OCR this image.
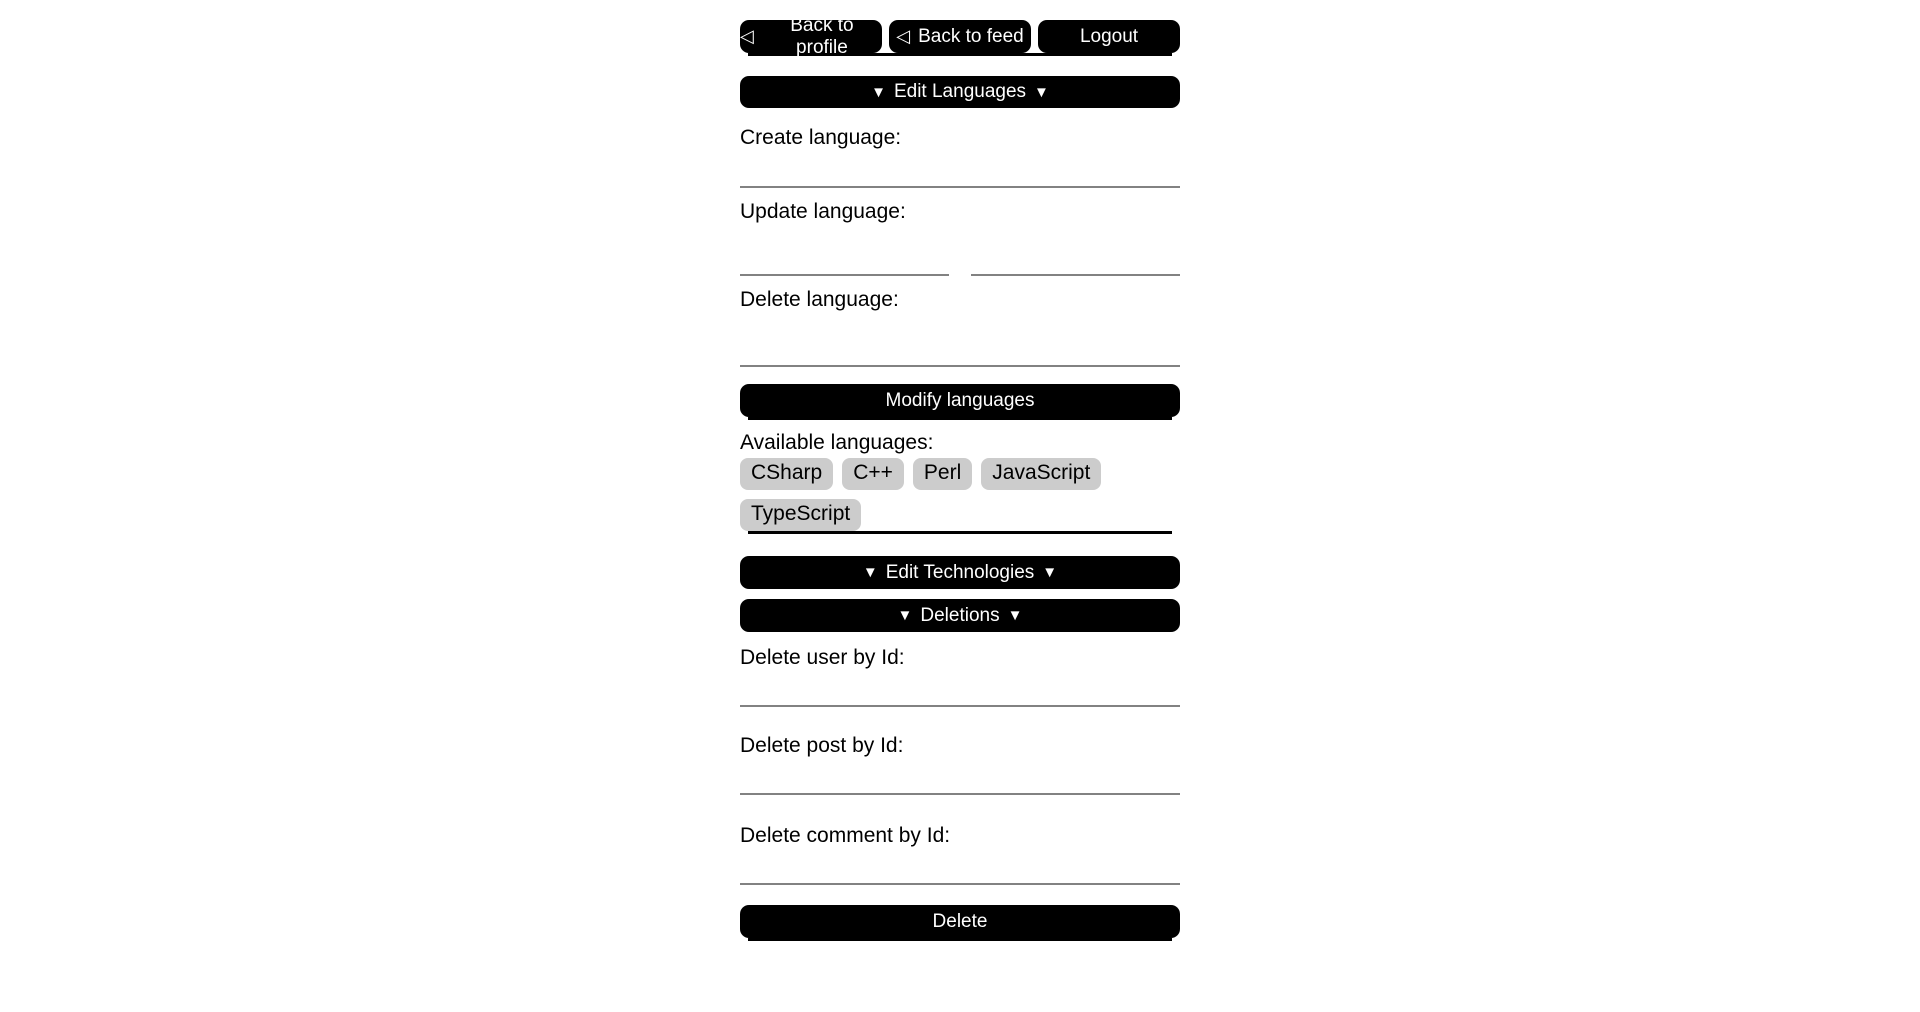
◁	Back to profile
◁ Back to feed	Logout
▼ Edit Languages ▼
Create language:
Update language:
Delete language:
Modify languages
Available languages:
CSharp	C++	Perl	JavaScript
TypeScript
▼ Edit Technologies ▼
▼ Deletions ▼
Delete user by Id:
Delete post by Id:
Delete comment by Id:
Delete
